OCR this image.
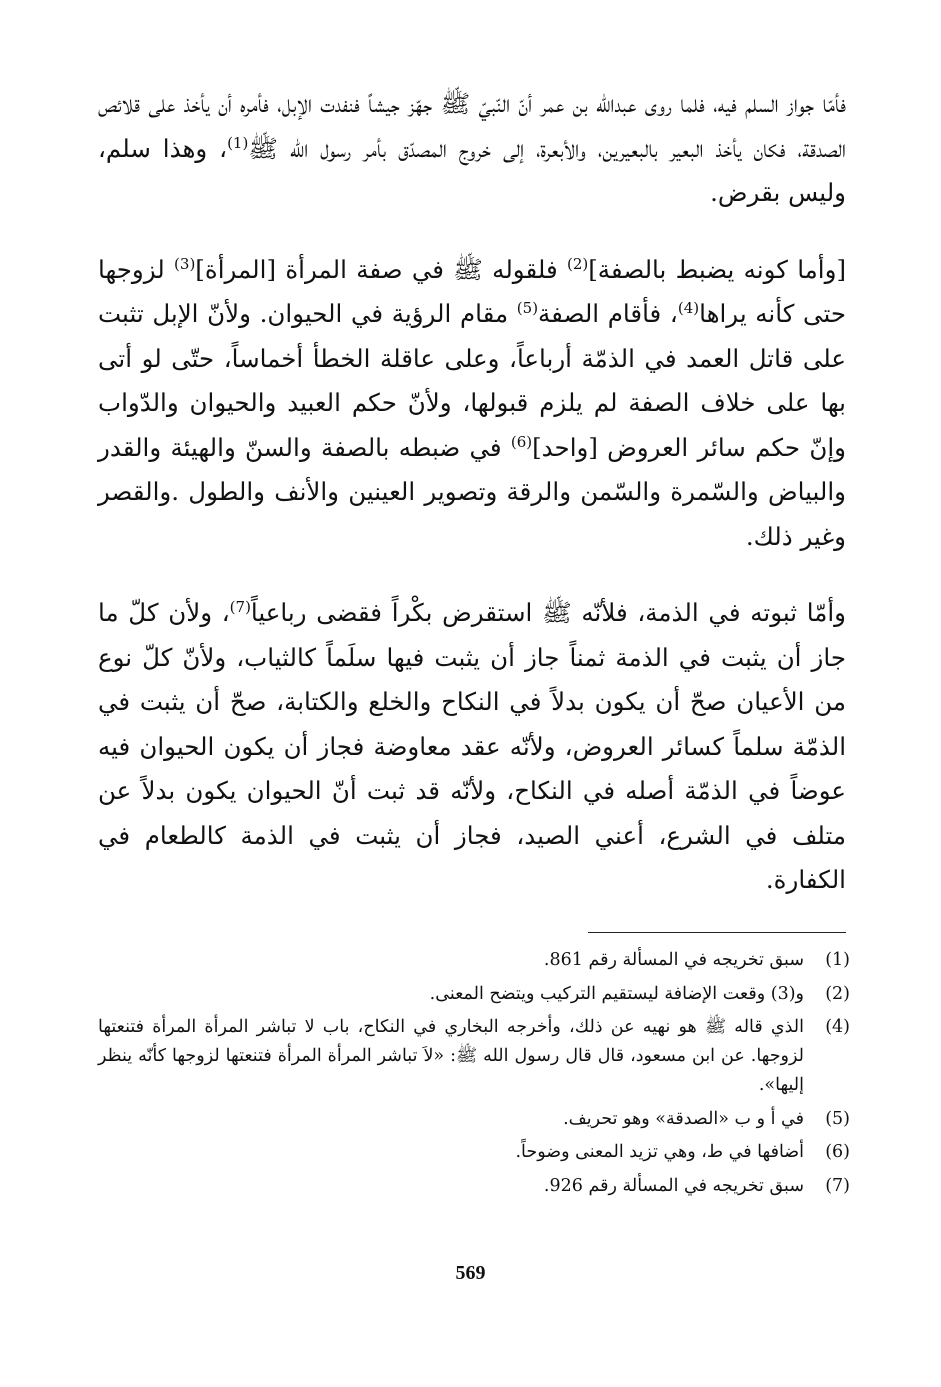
فأمّا جواز السلم فيه، فلما روى عبدالله بن عمر أنّ النّبيّ ﷺ جهّز جيشاً فنفدت الإبل، فأمره أن يأخذ على قلائص الصدقة، فكان يأخذ البعير بالبعيرين، والأبعرة، إلى خروج المصدّق بأمر رسول الله ﷺ$^{(1)}$، وهذا سلم، وليس بقرض.

[وأما كونه يضبط بالصفة]$^{(2)}$ فلقوله ﷺ في صفة المرأة [المرأة]$^{(3)}$ لزوجها حتى كأنه يراها$^{(4)}$، فأقام الصفة$^{(5)}$ مقام الرؤية في الحيوان. ولأنّ الإبل تثبت على قاتل العمد في الذمّة أرباعاً، وعلى عاقلة الخطأ أخماساً، حتّى لو أتى بها على خلاف الصفة لم يلزم قبولها، ولأنّ حكم العبيد والحيوان والدّواب وإنّ حكم سائر العروض [واحد]$^{(6)}$ في ضبطه بالصفة والسنّ والهيئة والقدر والبياض والسّمرة والسّمن والرقة وتصوير العينين والأنف والطول .والقصر وغير ذلك.

وأمّا ثبوته في الذمة، فلأنّه ﷺ استقرض بكْراً فقضى رباعياً$^{(7)}$، ولأن كلّ ما جاز أن يثبت في الذمة ثمناً جاز أن يثبت فيها سلَماً كالثياب، ولأنّ كلّ نوع من الأعيان صحّ أن يكون بدلاً في النكاح والخلع والكتابة، صحّ أن يثبت في الذمّة سلماً كسائر العروض، ولأنّه عقد معاوضة فجاز أن يكون الحيوان فيه عوضاً في الذمّة أصله في النكاح، ولأنّه قد ثبت أنّ الحيوان يكون بدلاً عن متلف في الشرع، أعني الصيد، فجاز أن يثبت في الذمة كالطعام في الكفارة.

(1)
سبق تخريجه في المسألة رقم 861.
(2)
و(3) وقعت الإضافة ليستقيم التركيب ويتضح المعنى.
(4)
الذي قاله ﷺ هو نهيه عن ذلك، وأخرجه البخاري في النكاح، باب لا تباشر المرأة المرأة فتنعتها لزوجها. عن ابن مسعود، قال قال رسول الله ﷺ: «لاَ تباشر المرأة المرأة فتنعتها لزوجها كأنّه ينظر إليها».
(5)
في أ و ب «الصدقة» وهو تحريف.
(6)
أضافها في ط، وهي تزيد المعنى وضوحاً.
(7)
سبق تخريجه في المسألة رقم 926.
569
